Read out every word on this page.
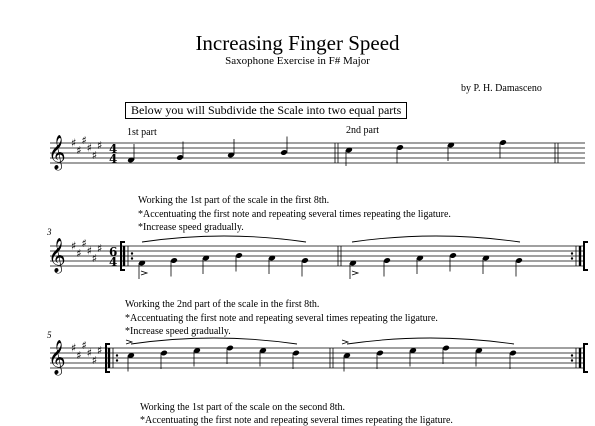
Increasing Finger Speed
Saxophone Exercise in F# Major
by P. H. Damasceno
Below you will Subdivide the Scale into two equal parts
1st part	2nd part
3
5
Working the 1st part of the scale in the first 8th.
*Accentuating the first note and repeating several times repeating the ligature.
*Increase speed gradually.
Working the 2nd part of the scale in the first 8th.
*Accentuating the first note and repeating several times repeating the ligature.
*Increase speed gradually.
Working the 1st part of the scale on the second 8th.
*Accentuating the first note and repeating several times repeating the ligature.
𝄞 ♯
♯
♯
♯
♯
♯ 4
4
𝄞 ♯
♯
♯
♯
♯
♯ 6
4
𝄞 ♯
♯
♯
♯
♯
♯
